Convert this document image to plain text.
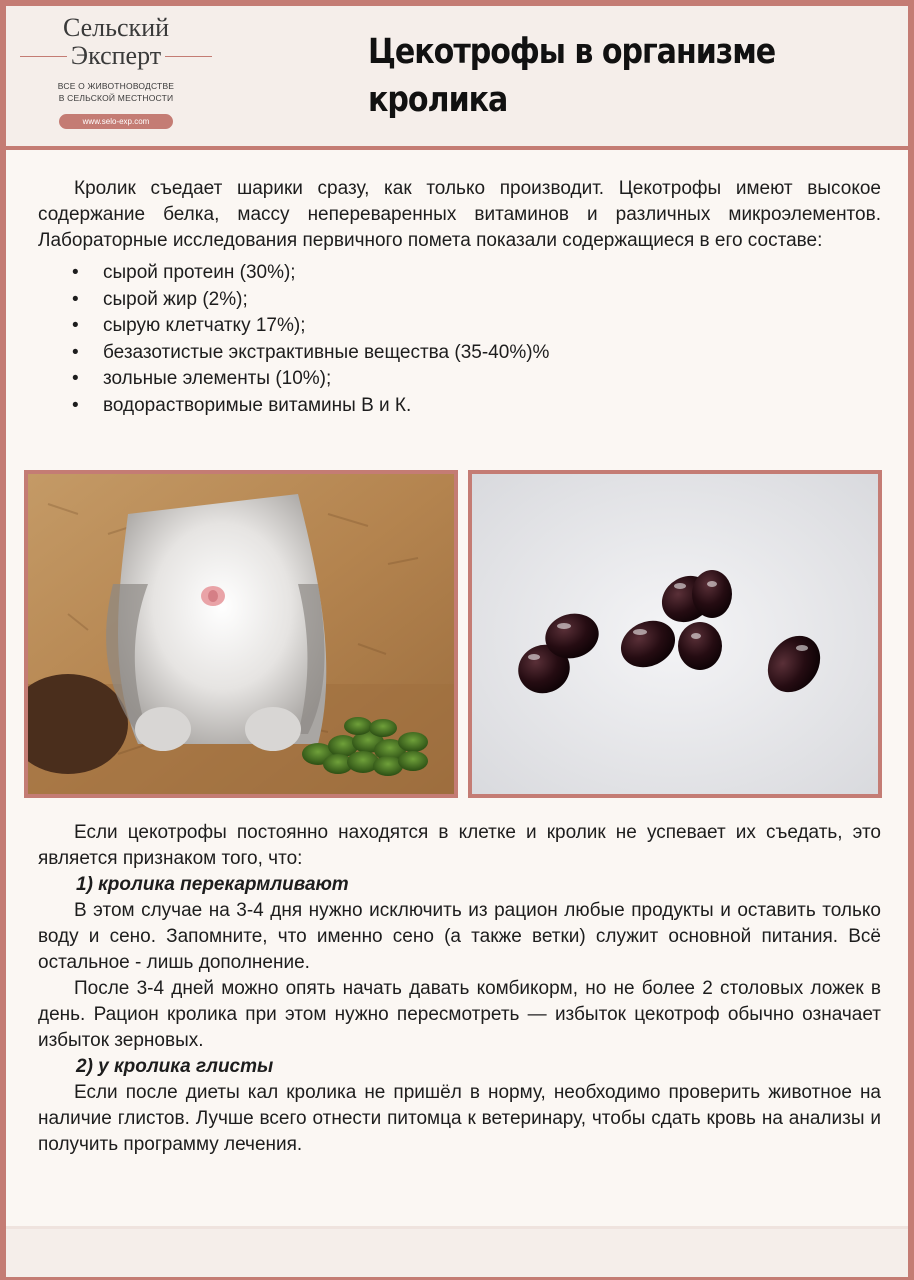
Сельский
Эксперт
ВСЕ О ЖИВОТНОВОДСТВЕ
В СЕЛЬСКОЙ МЕСТНОСТИ
www.selo-exp.com
Цекотрофы в организме
кролика

Кролик съедает шарики сразу, как только производит. Цекотрофы имеют высокое содержание белка, массу непереваренных витаминов и различных микроэлементов. Лабораторные исследования первичного помета показали содержащиеся в его составе:

• сырой протеин (30%);
• сырой жир (2%);
• сырую клетчатку 17%);
• безазотистые экстрактивные вещества (35-40%)%
• зольные элементы (10%);
• водорастворимые витамины В и К.

Если цекотрофы постоянно находятся в клетке и кролик не успевает их съедать, это является признаком того, что:

1) кролика перекармливают

В этом случае на 3-4 дня нужно исключить из рацион любые продукты и оставить только воду и сено. Запомните, что именно сено (а также ветки) служит основной питания. Всё остальное - лишь дополнение.

После 3-4 дней можно опять начать давать комбикорм, но не более 2 столовых ложек в день. Рацион кролика при этом нужно пересмотреть — избыток цекотроф обычно означает избыток зерновых.

2) у кролика глисты

Если после диеты кал кролика не пришёл в норму, необходимо проверить животное на наличие глистов. Лучше всего отнести питомца к ветеринару, чтобы сдать кровь на анализы и получить программу лечения.
